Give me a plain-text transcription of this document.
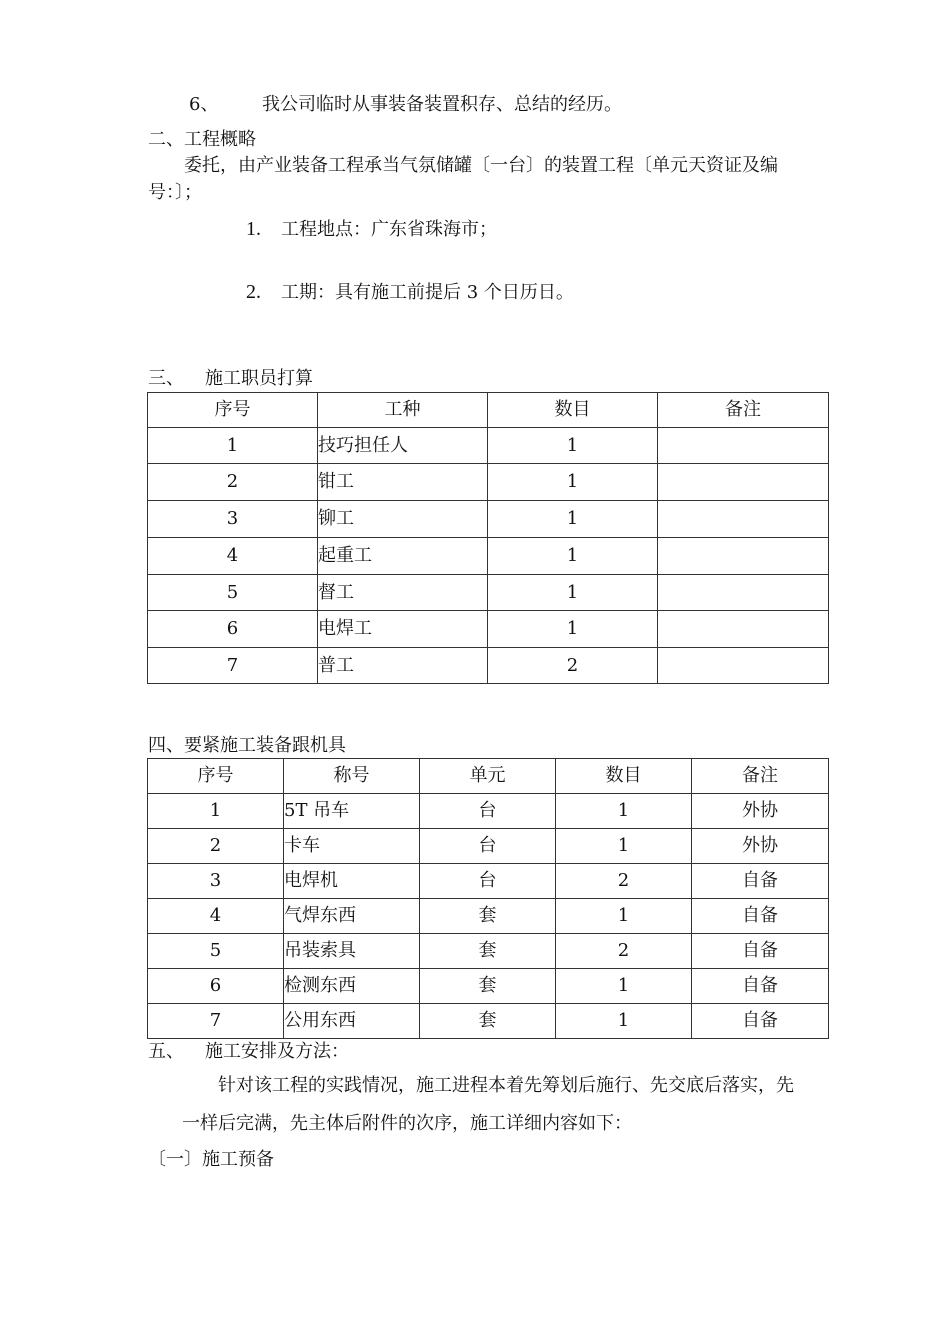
6、 我公司临时从事装备装置积存、总结的经历。
二、工程概略
委托，由产业装备工程承当气氛储罐〔一台〕的装置工程〔单元天资证及编
号：〕；
1. 工程地点：广东省珠海市；
2. 工期：具有施工前提后 3 个日历日。
三、 施工职员打算
序号	工种	数目	备注
1	技巧担任人	1	
2	钳工	1	
3	铆工	1	
4	起重工	1	
5	督工	1	
6	电焊工	1	
7	普工	2	
四、要紧施工装备跟机具
序号	称号	单元	数目	备注
1	5T 吊车	台	1	外协
2	卡车	台	1	外协
3	电焊机	台	2	自备
4	气焊东西	套	1	自备
5	吊装索具	套	2	自备
6	检测东西	套	1	自备
7	公用东西	套	1	自备
五、 施工安排及方法：
针对该工程的实践情况，施工进程本着先筹划后施行、先交底后落实，先
一样后完满，先主体后附件的次序，施工详细内容如下：
〔一〕施工预备
